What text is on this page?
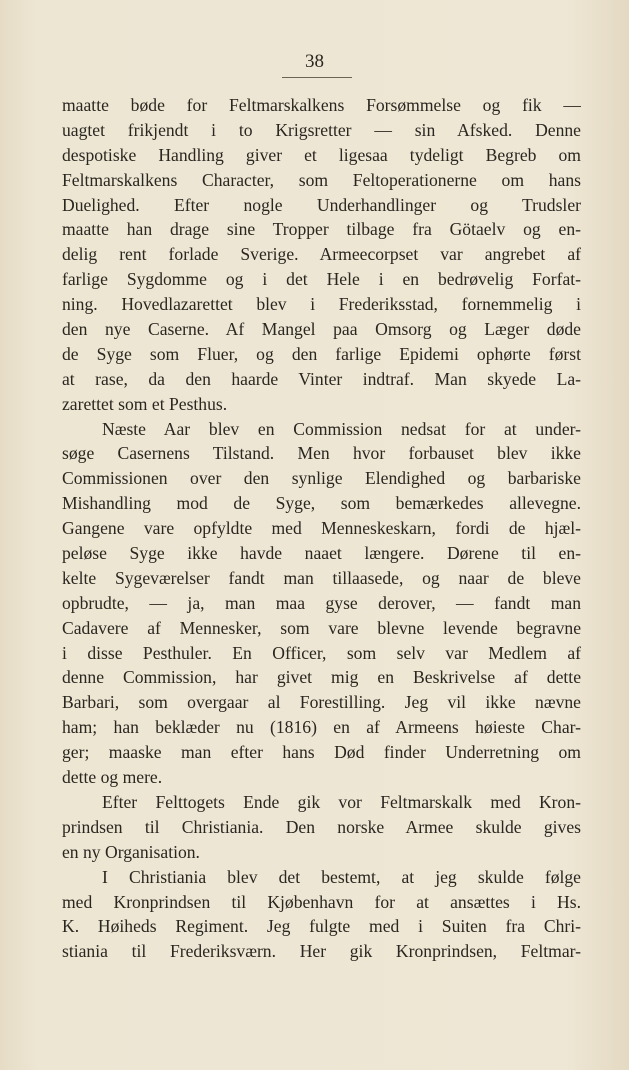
38
maatte bøde for Feltmarskalkens Forsømmelse og fik —
uagtet frikjendt i to Krigsretter — sin Afsked. Denne
despotiske Handling giver et ligesaa tydeligt Begreb om
Feltmarskalkens Character, som Feltoperationerne om hans
Duelighed. Efter nogle Underhandlinger og Trudsler
maatte han drage sine Tropper tilbage fra Götaelv og en-
delig rent forlade Sverige. Armeecorpset var angrebet af
farlige Sygdomme og i det Hele i en bedrøvelig Forfat-
ning. Hovedlazarettet blev i Frederiksstad, fornemmelig i
den nye Caserne. Af Mangel paa Omsorg og Læger døde
de Syge som Fluer, og den farlige Epidemi ophørte først
at rase, da den haarde Vinter indtraf. Man skyede La-
zarettet som et Pesthus.
Næste Aar blev en Commission nedsat for at under-
søge Casernens Tilstand. Men hvor forbauset blev ikke
Commissionen over den synlige Elendighed og barbariske
Mishandling mod de Syge, som bemærkedes allevegne.
Gangene vare opfyldte med Menneskeskarn, fordi de hjæl-
peløse Syge ikke havde naaet længere. Dørene til en-
kelte Sygeværelser fandt man tillaasede, og naar de bleve
opbrudte, — ja, man maa gyse derover, — fandt man
Cadavere af Mennesker, som vare blevne levende begravne
i disse Pesthuler. En Officer, som selv var Medlem af
denne Commission, har givet mig en Beskrivelse af dette
Barbari, som overgaar al Forestilling. Jeg vil ikke nævne
ham; han beklæder nu (1816) en af Armeens høieste Char-
ger; maaske man efter hans Død finder Underretning om
dette og mere.
Efter Felttogets Ende gik vor Feltmarskalk med Kron-
prindsen til Christiania. Den norske Armee skulde gives
en ny Organisation.
I Christiania blev det bestemt, at jeg skulde følge
med Kronprindsen til Kjøbenhavn for at ansættes i Hs.
K. Høiheds Regiment. Jeg fulgte med i Suiten fra Chri-
stiania til Frederiksværn. Her gik Kronprindsen, Feltmar-
